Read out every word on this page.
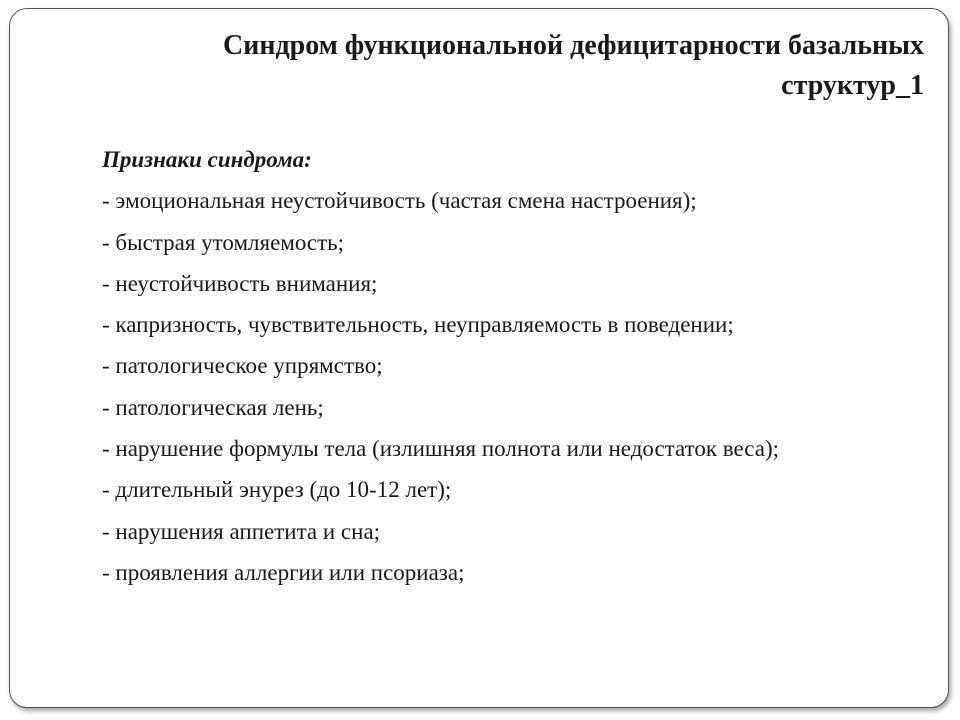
Синдром функциональной дефицитарности базальных
структур_1

Признаки синдрома:

- эмоциональная неустойчивость (частая смена настроения);

- быстрая утомляемость;

- неустойчивость внимания;

- капризность, чувствительность, неуправляемость в поведении;

- патологическое упрямство;

- патологическая лень;

- нарушение формулы тела (излишняя полнота или недостаток веса);

- длительный энурез (до 10-12 лет);

- нарушения аппетита и сна;

- проявления аллергии или псориаза;
